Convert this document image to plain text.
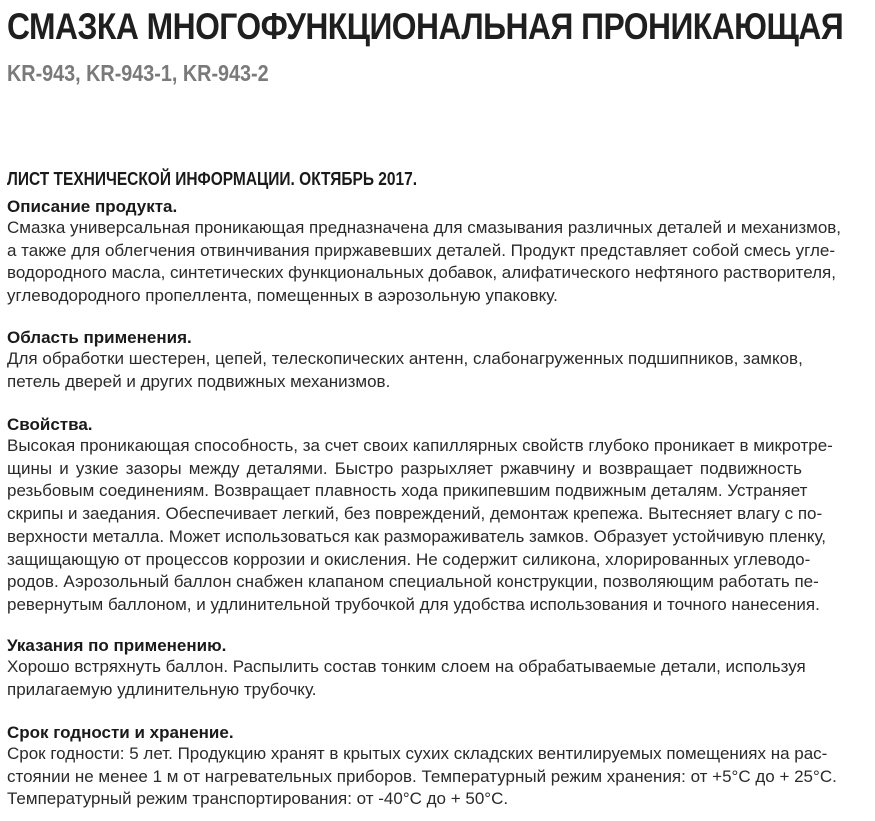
СМАЗКА МНОГОФУНКЦИОНАЛЬНАЯ ПРОНИКАЮЩАЯ
KR-943, KR-943-1, KR-943-2
ЛИСТ ТЕХНИЧЕСКОЙ ИНФОРМАЦИИ. ОКТЯБРЬ 2017.
Описание продукта.
Смазка универсальная проникающая предназначена для смазывания различных деталей и механизмов,
а также для облегчения отвинчивания приржавевших деталей. Продукт представляет собой смесь угле-
водородного масла, синтетических функциональных добавок, алифатического нефтяного растворителя,
углеводородного пропеллента, помещенных в аэрозольную упаковку.
Область применения.
Для обработки шестерен, цепей, телескопических антенн, слабонагруженных подшипников, замков,
петель дверей и других подвижных механизмов.
Свойства.
Высокая проникающая способность, за счет своих капиллярных свойств глубоко проникает в микротре-
щины и узкие зазоры между деталями. Быстро разрыхляет ржавчину и возвращает подвижность
резьбовым соединениям. Возвращает плавность хода прикипевшим подвижным деталям. Устраняет
скрипы и заедания. Обеспечивает легкий, без повреждений, демонтаж крепежа. Вытесняет влагу с по-
верхности металла. Может использоваться как размораживатель замков. Образует устойчивую пленку,
защищающую от процессов коррозии и окисления. Не содержит силикона, хлорированных углеводо-
родов. Аэрозольный баллон снабжен клапаном специальной конструкции, позволяющим работать пе-
ревернутым баллоном, и удлинительной трубочкой для удобства использования и точного нанесения.
Указания по применению.
Хорошо встряхнуть баллон. Распылить состав тонким слоем на обрабатываемые детали, используя
прилагаемую удлинительную трубочку.
Срок годности и хранение.
Срок годности: 5 лет. Продукцию хранят в крытых сухих складских вентилируемых помещениях на рас-
стоянии не менее 1 м от нагревательных приборов. Температурный режим хранения: от +5°C до + 25°C.
Температурный режим транспортирования: от -40°C до + 50°C.
